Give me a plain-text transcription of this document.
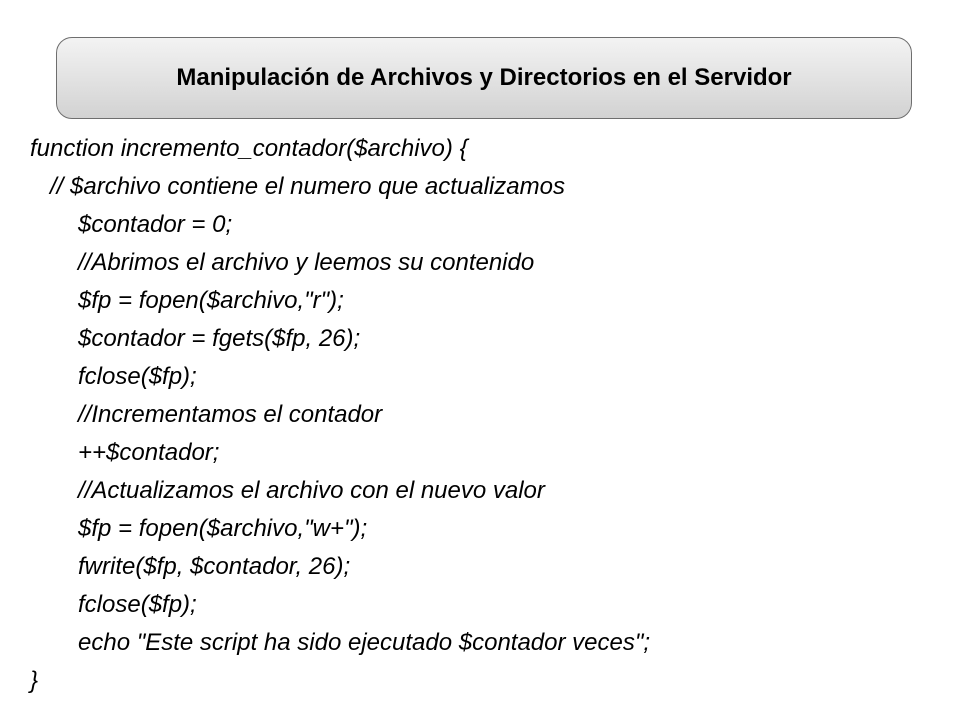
Manipulación de Archivos y Directorios en el Servidor
function incremento_contador($archivo) {
// $archivo contiene el numero que actualizamos
$contador = 0;
//Abrimos el archivo y leemos su contenido
$fp = fopen($archivo,"r");
$contador = fgets($fp, 26);
fclose($fp);
//Incrementamos el contador
++$contador;
//Actualizamos el archivo con el nuevo valor
$fp = fopen($archivo,"w+");
fwrite($fp, $contador, 26);
fclose($fp);
echo "Este script ha sido ejecutado $contador veces";
}
